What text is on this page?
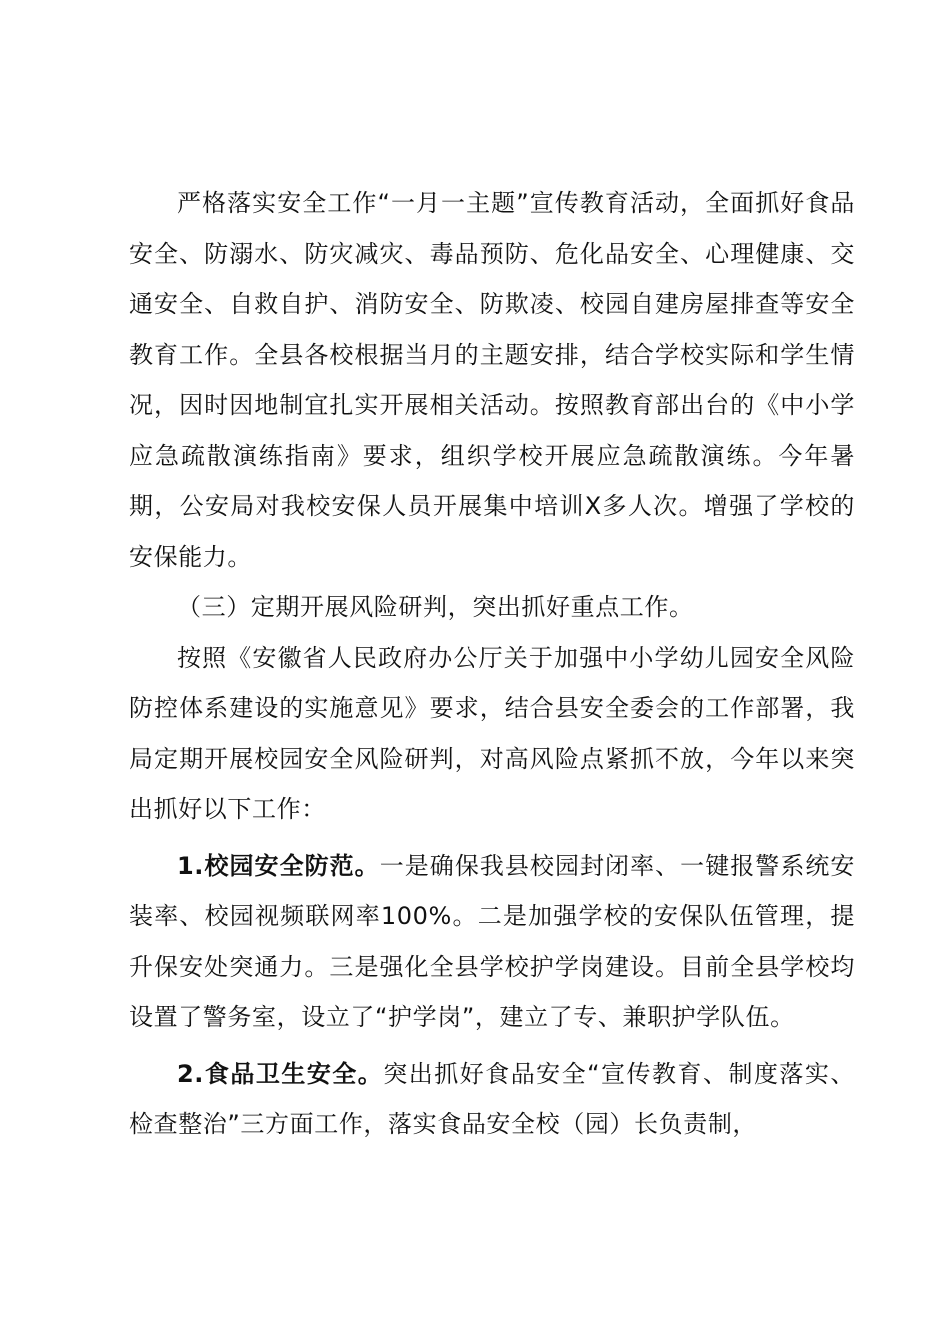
严格落实安全工作“一月一主题”宣传教育活动，全面抓好食品安全、防溺水、防灾减灾、毒品预防、危化品安全、心理健康、交通安全、自救自护、消防安全、防欺凌、校园自建房屋排查等安全教育工作。全县各校根据当月的主题安排，结合学校实际和学生情况，因时因地制宜扎实开展相关活动。按照教育部出台的《中小学应急疏散演练指南》要求，组织学校开展应急疏散演练。今年暑期，公安局对我校安保人员开展集中培训X多人次。增强了学校的安保能力。

（三）定期开展风险研判，突出抓好重点工作。

按照《安徽省人民政府办公厅关于加强中小学幼儿园安全风险防控体系建设的实施意见》要求，结合县安全委会的工作部署，我局定期开展校园安全风险研判，对高风险点紧抓不放，今年以来突出抓好以下工作：

1.校园安全防范。一是确保我县校园封闭率、一键报警系统安装率、校园视频联网率100%。二是加强学校的安保队伍管理，提升保安处突通力。三是强化全县学校护学岗建设。目前全县学校均设置了警务室，设立了“护学岗”，建立了专、兼职护学队伍。

2.食品卫生安全。突出抓好食品安全“宣传教育、制度落实、检查整治”三方面工作，落实食品安全校（园）长负责制，
